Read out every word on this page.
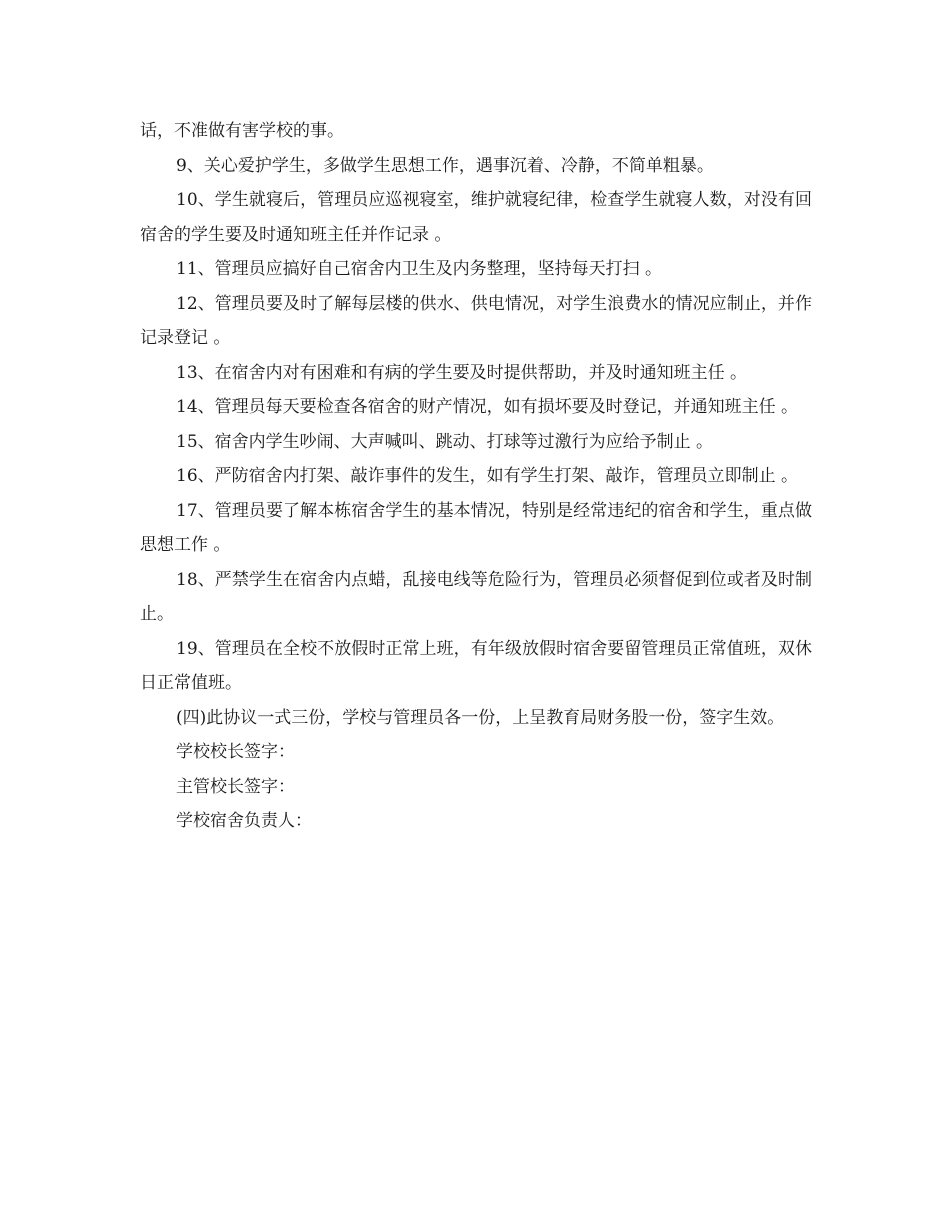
话，不准做有害学校的事。

9、关心爱护学生，多做学生思想工作，遇事沉着、冷静，不简单粗暴。

10、学生就寝后，管理员应巡视寝室，维护就寝纪律，检查学生就寝人数，对没有回宿舍的学生要及时通知班主任并作记录 。

11、管理员应搞好自己宿舍内卫生及内务整理，坚持每天打扫 。

12、管理员要及时了解每层楼的供水、供电情况，对学生浪费水的情况应制止，并作记录登记 。

13、在宿舍内对有困难和有病的学生要及时提供帮助，并及时通知班主任 。

14、管理员每天要检查各宿舍的财产情况，如有损坏要及时登记，并通知班主任 。

15、宿舍内学生吵闹、大声喊叫、跳动、打球等过激行为应给予制止 。

16、严防宿舍内打架、敲诈事件的发生，如有学生打架、敲诈，管理员立即制止 。

17、管理员要了解本栋宿舍学生的基本情况，特别是经常违纪的宿舍和学生，重点做思想工作 。

18、严禁学生在宿舍内点蜡，乱接电线等危险行为，管理员必须督促到位或者及时制止。

19、管理员在全校不放假时正常上班，有年级放假时宿舍要留管理员正常值班，双休日正常值班。

(四)此协议一式三份，学校与管理员各一份，上呈教育局财务股一份，签字生效。

学校校长签字：

主管校长签字：

学校宿舍负责人：
